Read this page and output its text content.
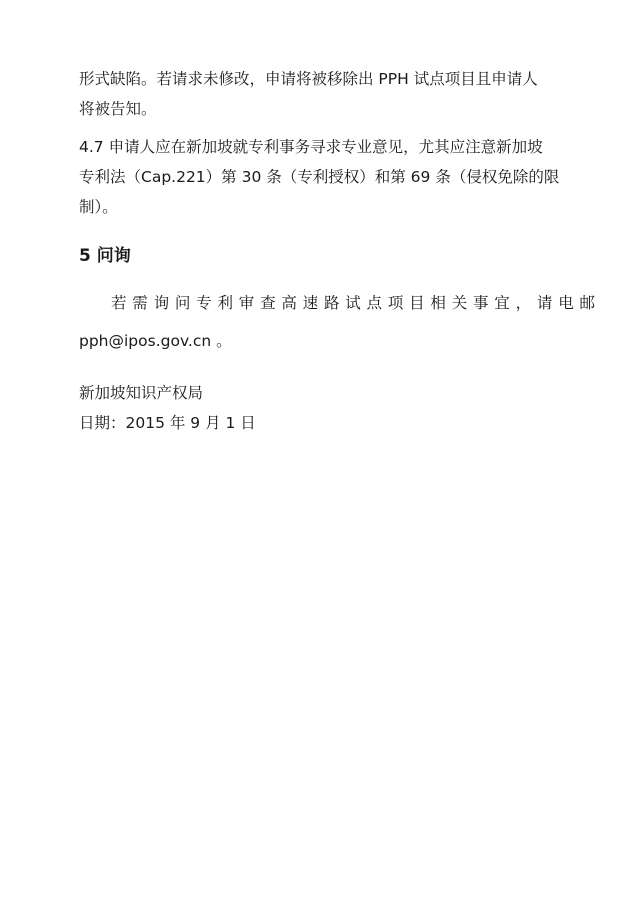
形式缺陷。若请求未修改，申请将被移除出 PPH 试点项目且申请人
将被告知。
4.7 申请人应在新加坡就专利事务寻求专业意见，尤其应注意新加坡
专利法（Cap.221）第 30 条（专利授权）和第 69 条（侵权免除的限
制）。
5 问询
若需询问专利审查高速路试点项目相关事宜，请电邮
pph@ipos.gov.cn 。
新加坡知识产权局
日期：2015 年 9 月 1 日
